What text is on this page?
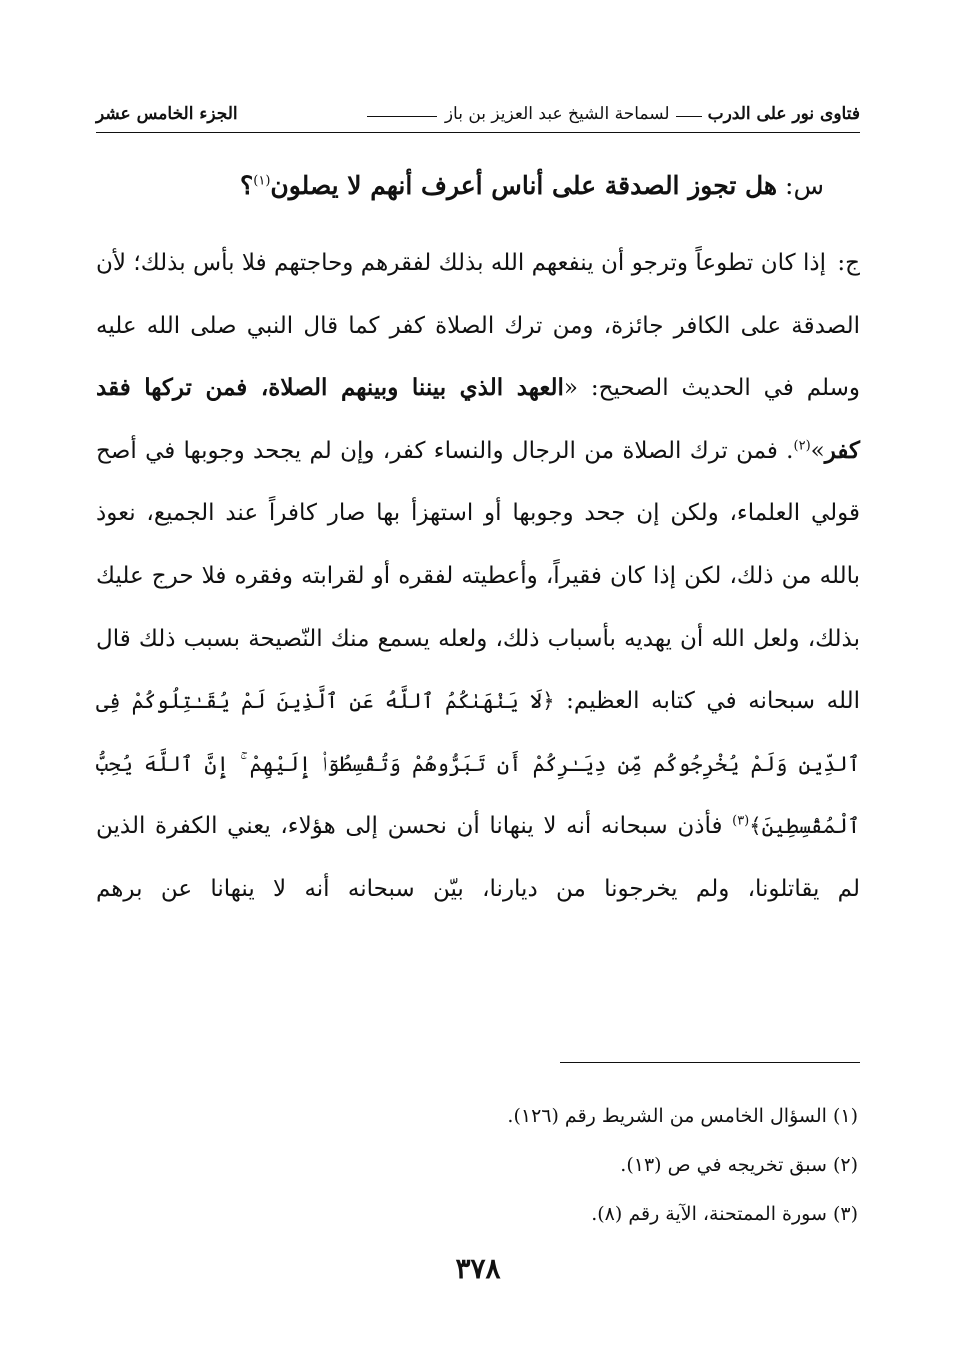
فتاوى نور على الدرب
لسماحة الشيخ عبد العزيز بن باز
الجزء الخامس عشر
س: هل تجوز الصدقة على أناس أعرف أنهم لا يصلون$^{(١)}$؟
ج: إذا كان تطوعاً وترجو أن ينفعهم الله بذلك لفقرهم وحاجتهم فلا بأس بذلك؛ لأن الصدقة على الكافر جائزة، ومن ترك الصلاة كفر كما قال النبي صلى الله عليه وسلم في الحديث الصحيح: «العهد الذي بيننا وبينهم الصلاة، فمن تركها فقد كفر»$^{(٢)}$. فمن ترك الصلاة من الرجال والنساء كفر، وإن لم يجحد وجوبها في أصح قولي العلماء، ولكن إن جحد وجوبها أو استهزأ بها صار كافراً عند الجميع، نعوذ بالله من ذلك، لكن إذا كان فقيراً، وأعطيته لفقره أو لقرابته وفقره فلا حرج عليك بذلك، ولعل الله أن يهديه بأسباب ذلك، ولعله يسمع منك النّصيحة بسبب ذلك قال الله سبحانه في كتابه العظيم: ﴿لَا يَنْهَىٰكُمُ ٱللَّهُ عَنِ ٱلَّذِينَ لَمْ يُقَـٰتِلُوكُمْ فِى ٱلدِّينِ وَلَمْ يُخْرِجُوكُم مِّن دِيَـٰرِكُمْ أَن تَبَرُّوهُمْ وَتُقْسِطُوٓا۟ إِلَيْهِمْ ۚ إِنَّ ٱللَّهَ يُحِبُّ ٱلْمُقْسِطِينَ﴾$^{(٣)}$ فأذن سبحانه أنه لا ينهانا أن نحسن إلى هؤلاء، يعني الكفرة الذين لم يقاتلونا، ولم يخرجونا من ديارنا، بيّن سبحانه أنه لا ينهانا عن برهم
(١) السؤال الخامس من الشريط رقم (١٢٦).
(٢) سبق تخريجه في ص (١٣).
(٣) سورة الممتحنة، الآية رقم (٨).
٣٧٨
